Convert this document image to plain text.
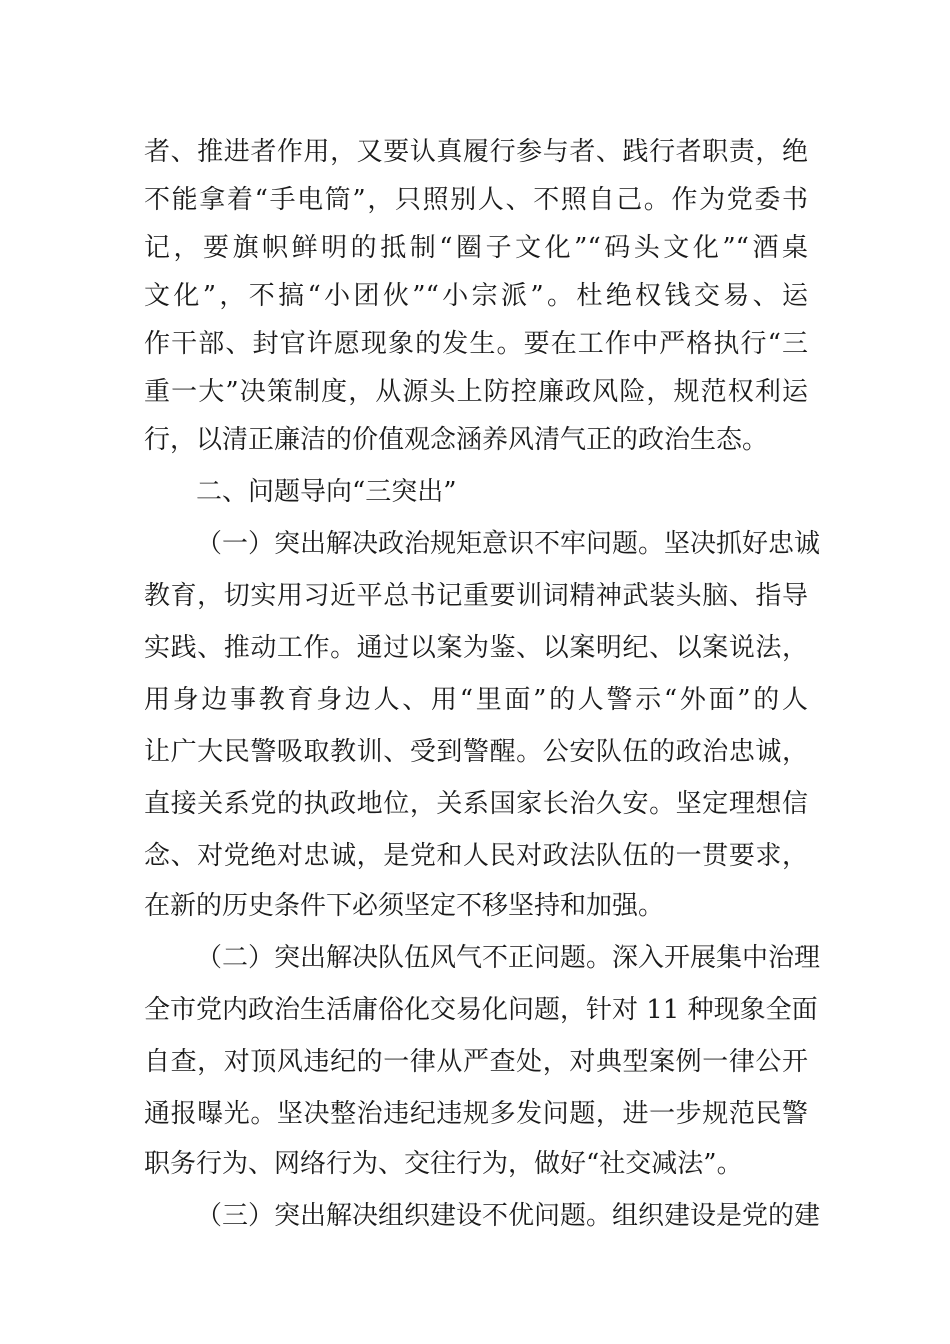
者、推进者作用，又要认真履行参与者、践行者职责，绝
不能拿着“手电筒”，只照别人、不照自己。作为党委书
记，要旗帜鲜明的抵制“圈子文化”“码头文化”“酒桌
文化”，不搞“小团伙”“小宗派”。杜绝权钱交易、运
作干部、封官许愿现象的发生。要在工作中严格执行“三
重一大”决策制度，从源头上防控廉政风险，规范权利运
行，以清正廉洁的价值观念涵养风清气正的政治生态。
二、问题导向“三突出”
（一）突出解决政治规矩意识不牢问题。坚决抓好忠诚
教育，切实用习近平总书记重要训词精神武装头脑、指导
实践、推动工作。通过以案为鉴、以案明纪、以案说法，
用身边事教育身边人、用“里面”的人警示“外面”的人
让广大民警吸取教训、受到警醒。公安队伍的政治忠诚，
直接关系党的执政地位，关系国家长治久安。坚定理想信
念、对党绝对忠诚，是党和人民对政法队伍的一贯要求，
在新的历史条件下必须坚定不移坚持和加强。
（二）突出解决队伍风气不正问题。深入开展集中治理
全市党内政治生活庸俗化交易化问题，针对 11 种现象全面
自查，对顶风违纪的一律从严查处，对典型案例一律公开
通报曝光。坚决整治违纪违规多发问题，进一步规范民警
职务行为、网络行为、交往行为，做好“社交减法”。
（三）突出解决组织建设不优问题。组织建设是党的建
